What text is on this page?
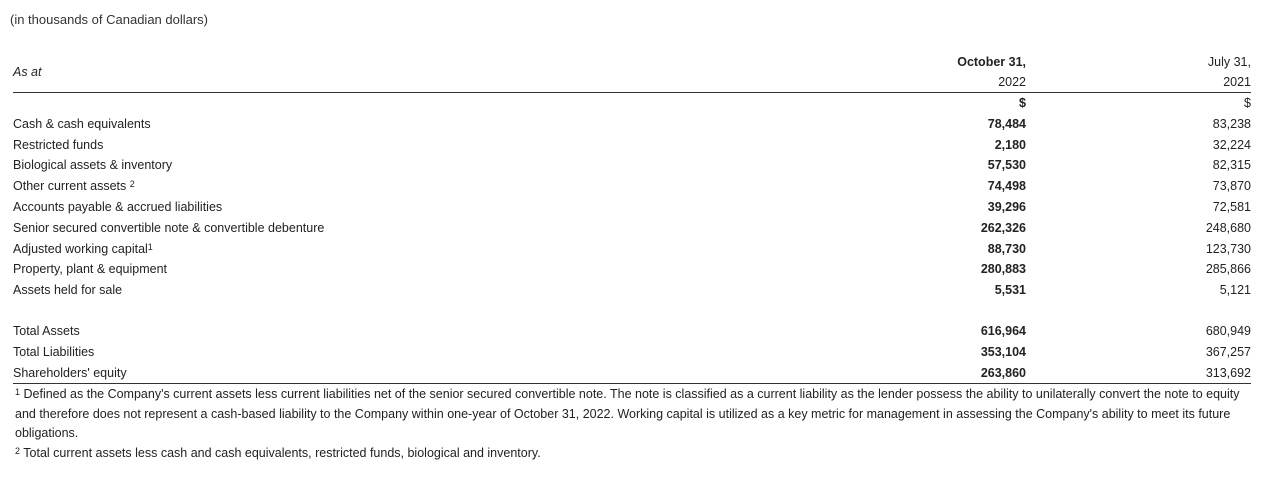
(in thousands of Canadian dollars)
As at	October 31,	July 31,
	2022	2021
	$	$
Cash & cash equivalents	78,484	83,238
Restricted funds	2,180	32,224
Biological assets & inventory	57,530	82,315
Other current assets $^2$	74,498	73,870
Accounts payable & accrued liabilities	39,296	72,581
Senior secured convertible note & convertible debenture	262,326	248,680
Adjusted working capital$^1$	88,730	123,730
Property, plant & equipment	280,883	285,866
Assets held for sale	5,531	5,121

Total Assets	616,964	680,949
Total Liabilities	353,104	367,257
Shareholders' equity	263,860	313,692

$^1$ Defined as the Company's current assets less current liabilities net of the senior secured convertible note. The note is classified as a current liability as the lender possess the ability to unilaterally convert the note to equity and therefore does not represent a cash-based liability to the Company within one-year of October 31, 2022. Working capital is utilized as a key metric for management in assessing the Company's ability to meet its future obligations.

$^2$ Total current assets less cash and cash equivalents, restricted funds, biological and inventory.
